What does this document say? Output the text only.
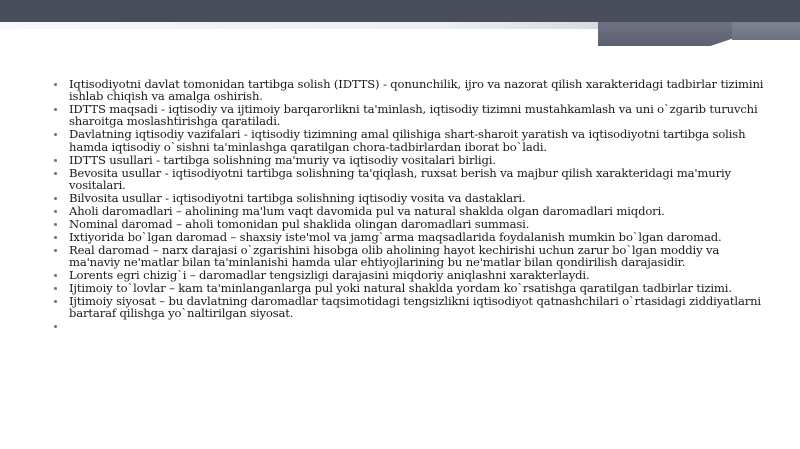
Iqtisodiyotni davlat tomonidan tartibga solish (IDTTS) - qonunchilik, ijro va nazorat qilish xarakteridagi tadbirlar tizimini ishlab chiqish va amalga oshirish.
IDTTS maqsadi - iqtisodiy va ijtimoiy barqarorlikni ta'minlash, iqtisodiy tizimni mustahkamlash va uni o`zgarib turuvchi sharoitga moslashtirishga qaratiladi.
Davlatning iqtisodiy vazifalari - iqtisodiy tizimning amal qilishiga shart-sharoit yaratish va iqtisodiyotni tartibga solish hamda iqtisodiy o`sishni ta'minlashga qaratilgan chora-tadbirlardan iborat bo`ladi.
IDTTS usullari - tartibga solishning ma'muriy va iqtisodiy vositalari birligi.
Bevosita usullar - iqtisodiyotni tartibga solishning ta'qiqlash, ruxsat berish va majbur qilish xarakteridagi ma'muriy vositalari.
Bilvosita usullar - iqtisodiyotni tartibga solishning iqtisodiy vosita va dastaklari.
Aholi daromadlari – aholining ma'lum vaqt davomida pul va natural shaklda olgan daromadlari miqdori.
Nominal daromad – aholi tomonidan pul shaklida olingan daromadlari summasi.
Ixtiyorida bo`lgan daromad – shaxsiy iste'mol va jamg`arma maqsadlarida foydalanish mumkin bo`lgan daromad.
Real daromad – narx darajasi o`zgarishini hisobga olib aholining hayot kechirishi uchun zarur bo`lgan moddiy va ma'naviy ne'matlar bilan ta'minlanishi hamda ular ehtiyojlarining bu ne'matlar bilan qondirilish darajasidir.
Lorents egri chizig`i – daromadlar tengsizligi darajasini miqdoriy aniqlashni xarakterlaydi.
Ijtimoiy to`lovlar – kam ta'minlanganlarga pul yoki natural shaklda yordam ko`rsatishga qaratilgan tadbirlar tizimi.
Ijtimoiy siyosat – bu davlatning daromadlar taqsimotidagi tengsizlikni iqtisodiyot qatnashchilari o`rtasidagi ziddiyatlarni bartaraf qilishga yo`naltirilgan siyosat.
